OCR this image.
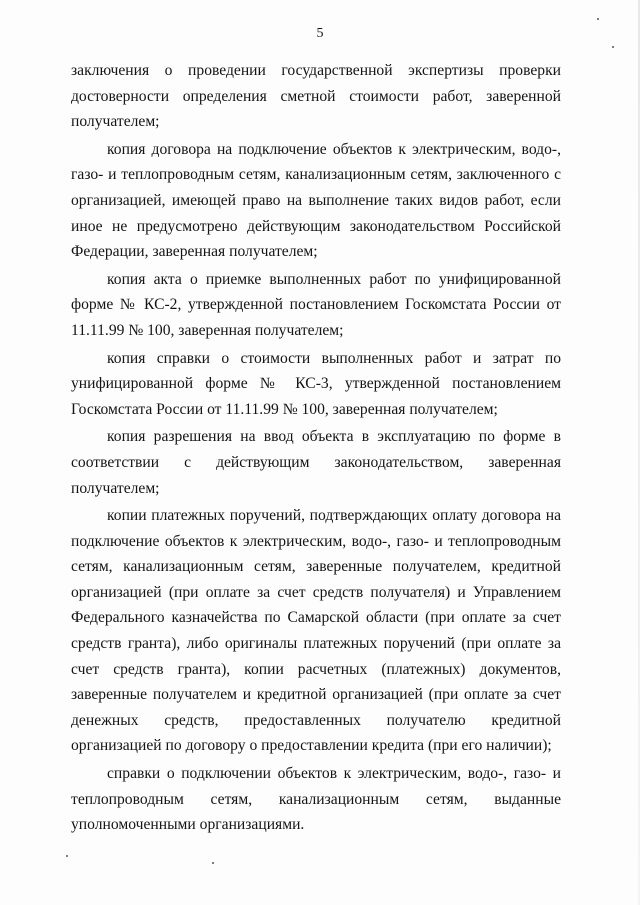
5

заключения о проведении государственной экспертизы проверки достоверности определения сметной стоимости работ, заверенной получателем;

копия договора на подключение объектов к электрическим, водо-, газо- и теплопроводным сетям, канализационным сетям, заключенного с организацией, имеющей право на выполнение таких видов работ, если иное не предусмотрено действующим законодательством Российской Федерации, заверенная получателем;

копия акта о приемке выполненных работ по унифицированной форме № КС-2, утвержденной постановлением Госкомстата России от 11.11.99 № 100, заверенная получателем;

копия справки о стоимости выполненных работ и затрат по унифицированной форме № КС-3, утвержденной постановлением Госкомстата России от 11.11.99 № 100, заверенная получателем;

копия разрешения на ввод объекта в эксплуатацию по форме в соответствии с действующим законодательством, заверенная получателем;

копии платежных поручений, подтверждающих оплату договора на подключение объектов к электрическим, водо-, газо- и теплопроводным сетям, канализационным сетям, заверенные получателем, кредитной организацией (при оплате за счет средств получателя) и Управлением Федерального казначейства по Самарской области (при оплате за счет средств гранта), либо оригиналы платежных поручений (при оплате за счет средств гранта), копии расчетных (платежных) документов, заверенные получателем и кредитной организацией (при оплате за счет денежных средств, предоставленных получателю кредитной организацией по договору о предоставлении кредита (при его наличии);

справки о подключении объектов к электрическим, водо-, газо- и теплопроводным сетям, канализационным сетям, выданные уполномоченными организациями.
